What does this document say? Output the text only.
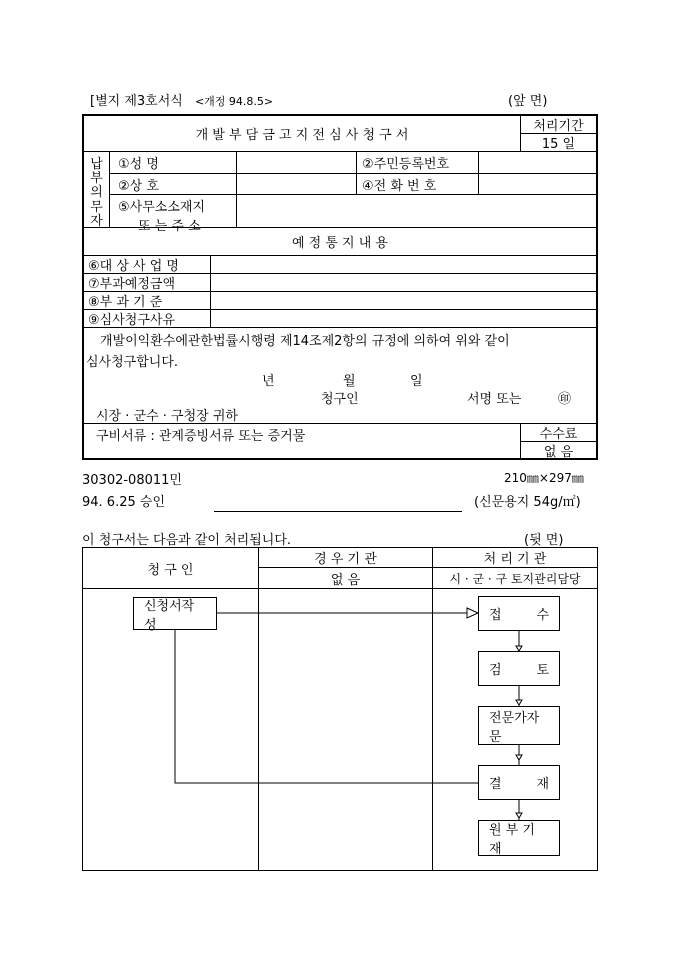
[별지 제3호서식 <개정 94.8.5>	(앞 면)
개 발 부 담 금 고 지 전 심 사 청 구 서
처리기간
15 일
납
부
의
무
자
①성 명	②주민등록번호
②상 호	④전 화 번 호
⑤사무소소재지
또 는 주 소
예 정 통 지 내 용
⑥대 상 사 업 명
⑦부과예정금액
⑧부 과 기 준
⑨심사청구사유
개발이익환수에관한법률시행령 제14조제2항의 규정에 의하여 위와 같이
심사청구합니다.
년	월	일
청구인	서명 또는	㊞
시장 · 군수 · 구청장 귀하
구비서류 : 관계증빙서류 또는 증거물	수수료
없 음
30302-08011민	210㎜×297㎜
94. 6.25 승인	(신문용지 54g/㎡)
이 청구서는 다음과 같이 처리됩니다.	(뒷 면)
청 구 인
경 우 기 관
없 음
처 리 기 관
시 · 군 · 구 토지관리담당
신청서작성
접	수
검	토
전문가자문
결	재
원 부 기 재
